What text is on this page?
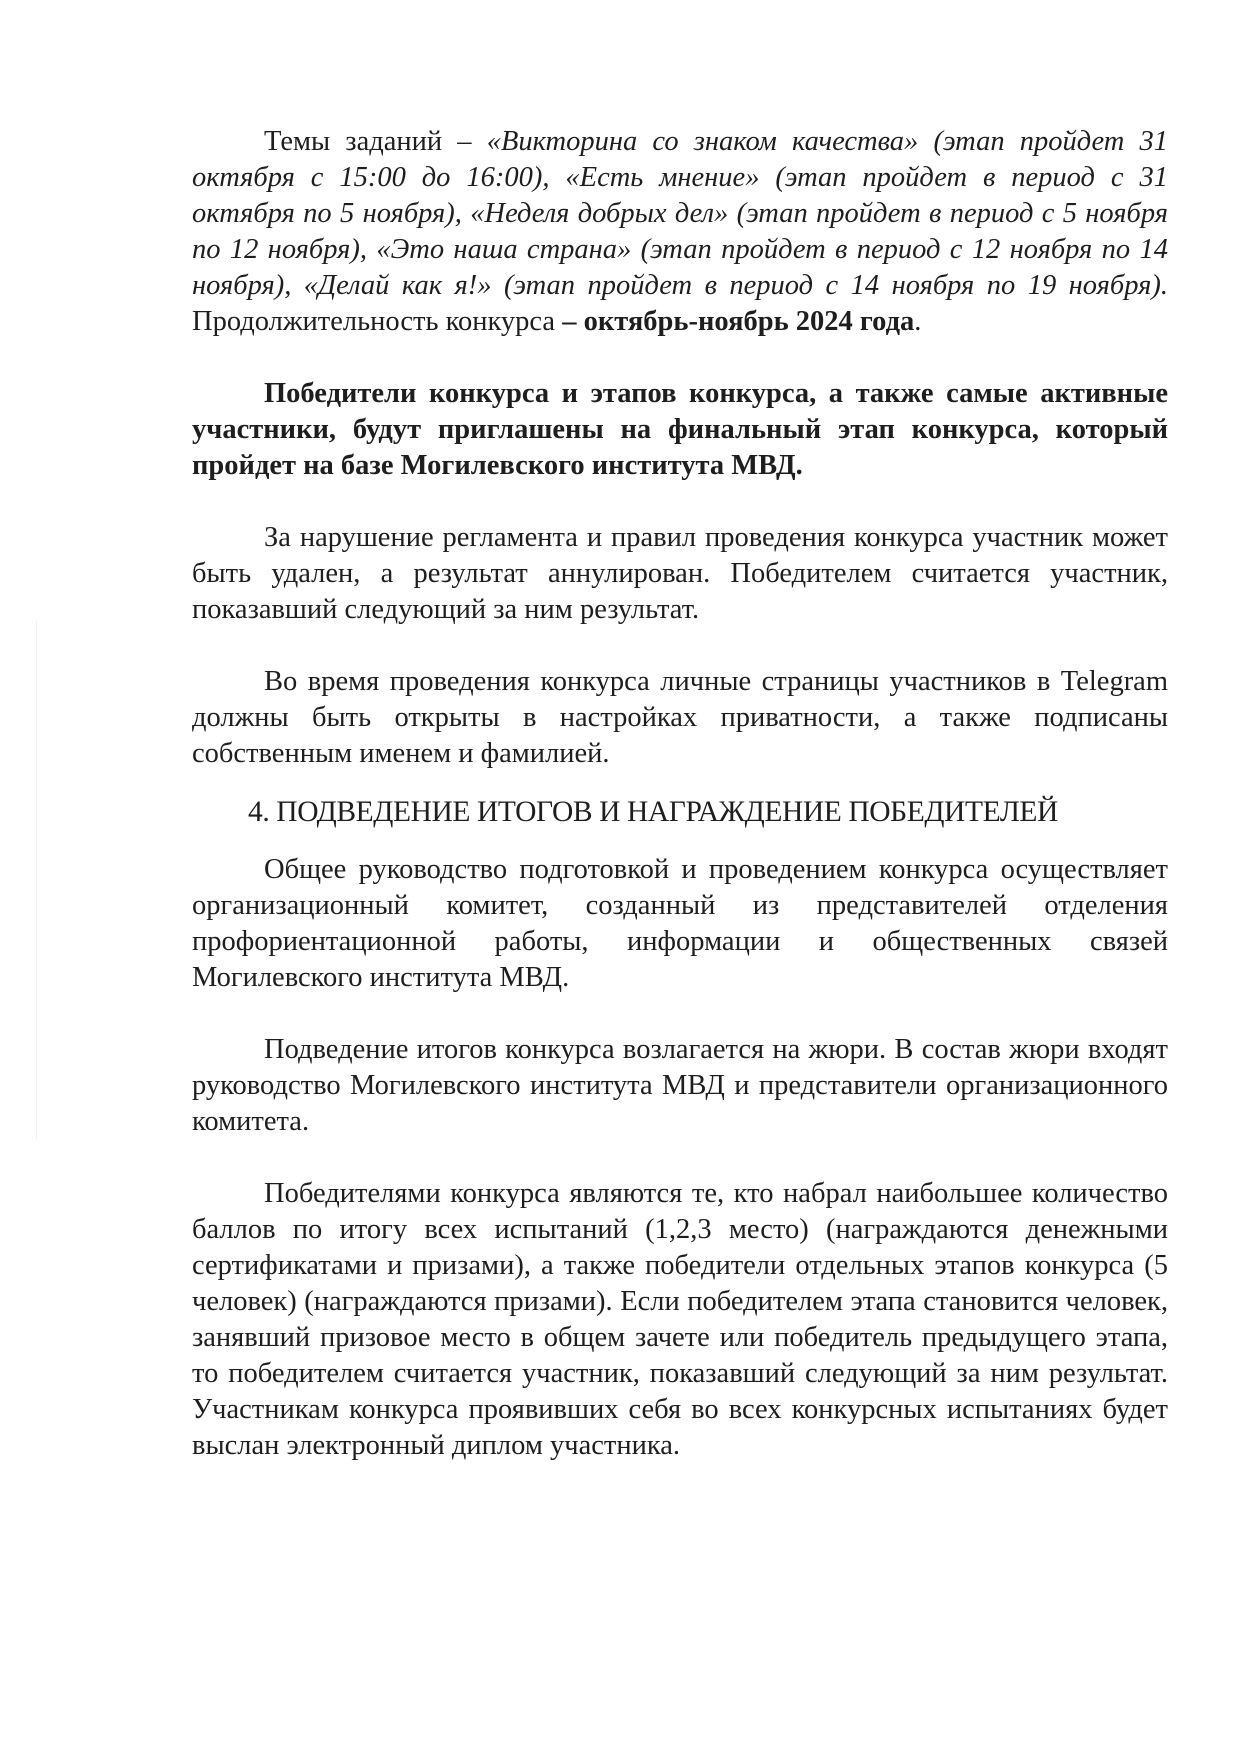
Темы заданий – «Викторина со знаком качества» (этап пройдет 31 октября с 15:00 до 16:00), «Есть мнение» (этап пройдет в период с 31 октября по 5 ноября), «Неделя добрых дел» (этап пройдет в период с 5 ноября по 12 ноября), «Это наша страна» (этап пройдет в период с 12 ноября по 14 ноября), «Делай как я!» (этап пройдет в период с 14 ноября по 19 ноября). Продолжительность конкурса – октябрь-ноябрь 2024 года.

Победители конкурса и этапов конкурса, а также самые активные участники, будут приглашены на финальный этап конкурса, который пройдет на базе Могилевского института МВД.

За нарушение регламента и правил проведения конкурса участник может быть удален, а результат аннулирован. Победителем считается участник, показавший следующий за ним результат.

Во время проведения конкурса личные страницы участников в Telegram должны быть открыты в настройках приватности, а также подписаны собственным именем и фамилией.

4. ПОДВЕДЕНИЕ ИТОГОВ И НАГРАЖДЕНИЕ ПОБЕДИТЕЛЕЙ

Общее руководство подготовкой и проведением конкурса осуществляет организационный комитет, созданный из представителей отделения профориентационной работы, информации и общественных связей Могилевского института МВД.

Подведение итогов конкурса возлагается на жюри. В состав жюри входят руководство Могилевского института МВД и представители организационного комитета.

Победителями конкурса являются те, кто набрал наибольшее количество баллов по итогу всех испытаний (1,2,3 место) (награждаются денежными сертификатами и призами), а также победители отдельных этапов конкурса (5 человек) (награждаются призами). Если победителем этапа становится человек, занявший призовое место в общем зачете или победитель предыдущего этапа, то победителем считается участник, показавший следующий за ним результат. Участникам конкурса проявивших себя во всех конкурсных испытаниях будет выслан электронный диплом участника.
